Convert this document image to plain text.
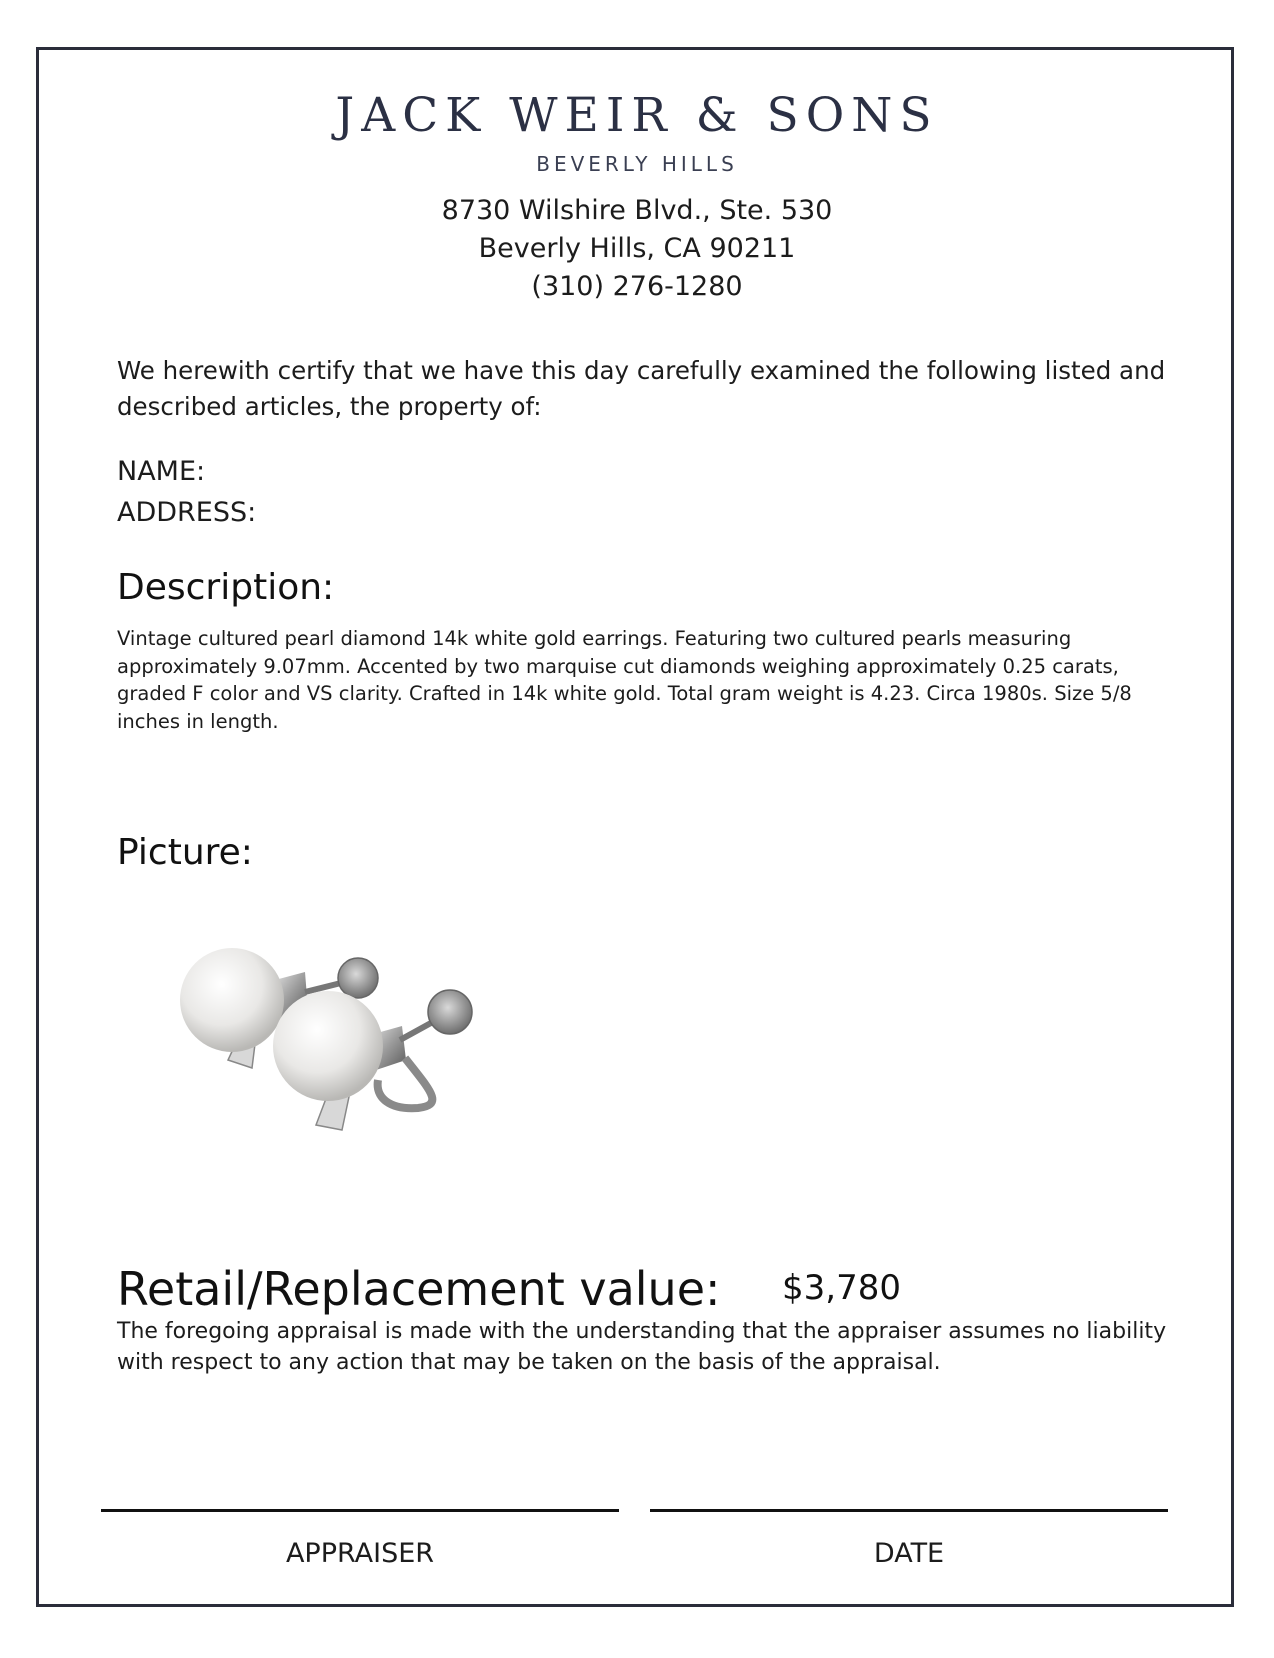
JACK WEIR & SONS
BEVERLY HILLS
8730 Wilshire Blvd., Ste. 530
Beverly Hills, CA 90211
(310) 276-1280
We herewith certify that we have this day carefully examined the following listed and described articles, the property of:
NAME:
ADDRESS:
Description:
Vintage cultured pearl diamond 14k white gold earrings. Featuring two cultured pearls measuring approximately 9.07mm. Accented by two marquise cut diamonds weighing approximately 0.25 carats, graded F color and VS clarity. Crafted in 14k white gold. Total gram weight is 4.23. Circa 1980s. Size 5/8 inches in length.
Picture:
Retail/Replacement value: $3,780
The foregoing appraisal is made with the understanding that the appraiser assumes no liability with respect to any action that may be taken on the basis of the appraisal.
APPRAISER	DATE
